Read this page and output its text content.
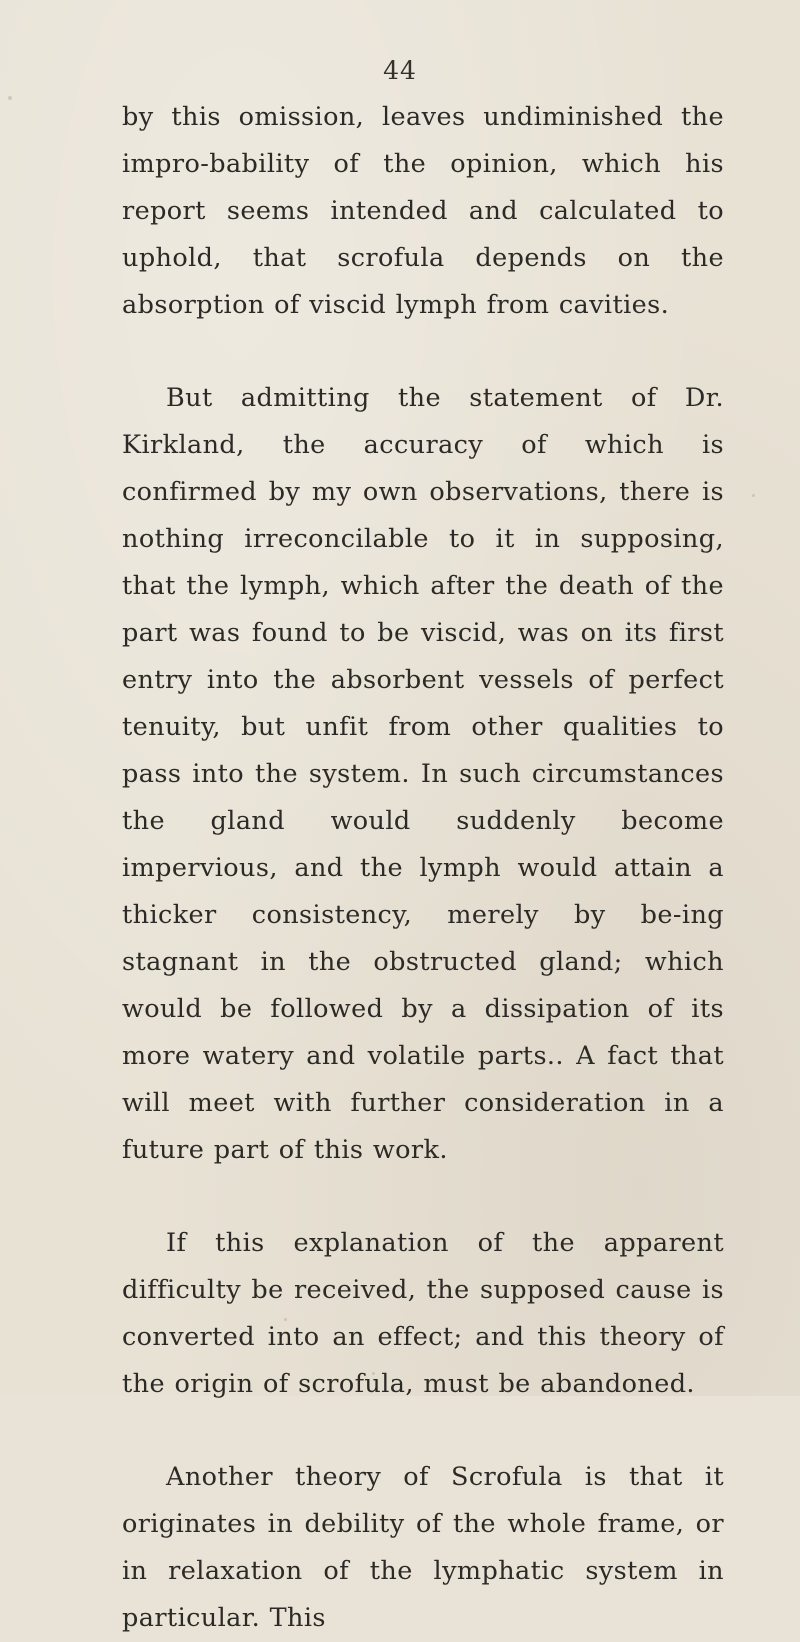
44

by this omission, leaves undiminished the impro-bability of the opinion, which his report seems intended and calculated to uphold, that scrofula depends on the absorption of viscid lymph from cavities.

But admitting the statement of Dr. Kirkland, the accuracy of which is confirmed by my own observations, there is nothing irreconcilable to it in supposing, that the lymph, which after the death of the part was found to be viscid, was on its first entry into the absorbent vessels of perfect tenuity, but unfit from other qualities to pass into the system. In such circumstances the gland would suddenly become impervious, and the lymph would attain a thicker consistency, merely by be-ing stagnant in the obstructed gland; which would be followed by a dissipation of its more watery and volatile parts.. A fact that will meet with further consideration in a future part of this work.

If this explanation of the apparent difficulty be received, the supposed cause is converted into an effect; and this theory of the origin of scrofula, must be abandoned.

Another theory of Scrofula is that it originates in debility of the whole frame, or in relaxation of the lymphatic system in particular. This
